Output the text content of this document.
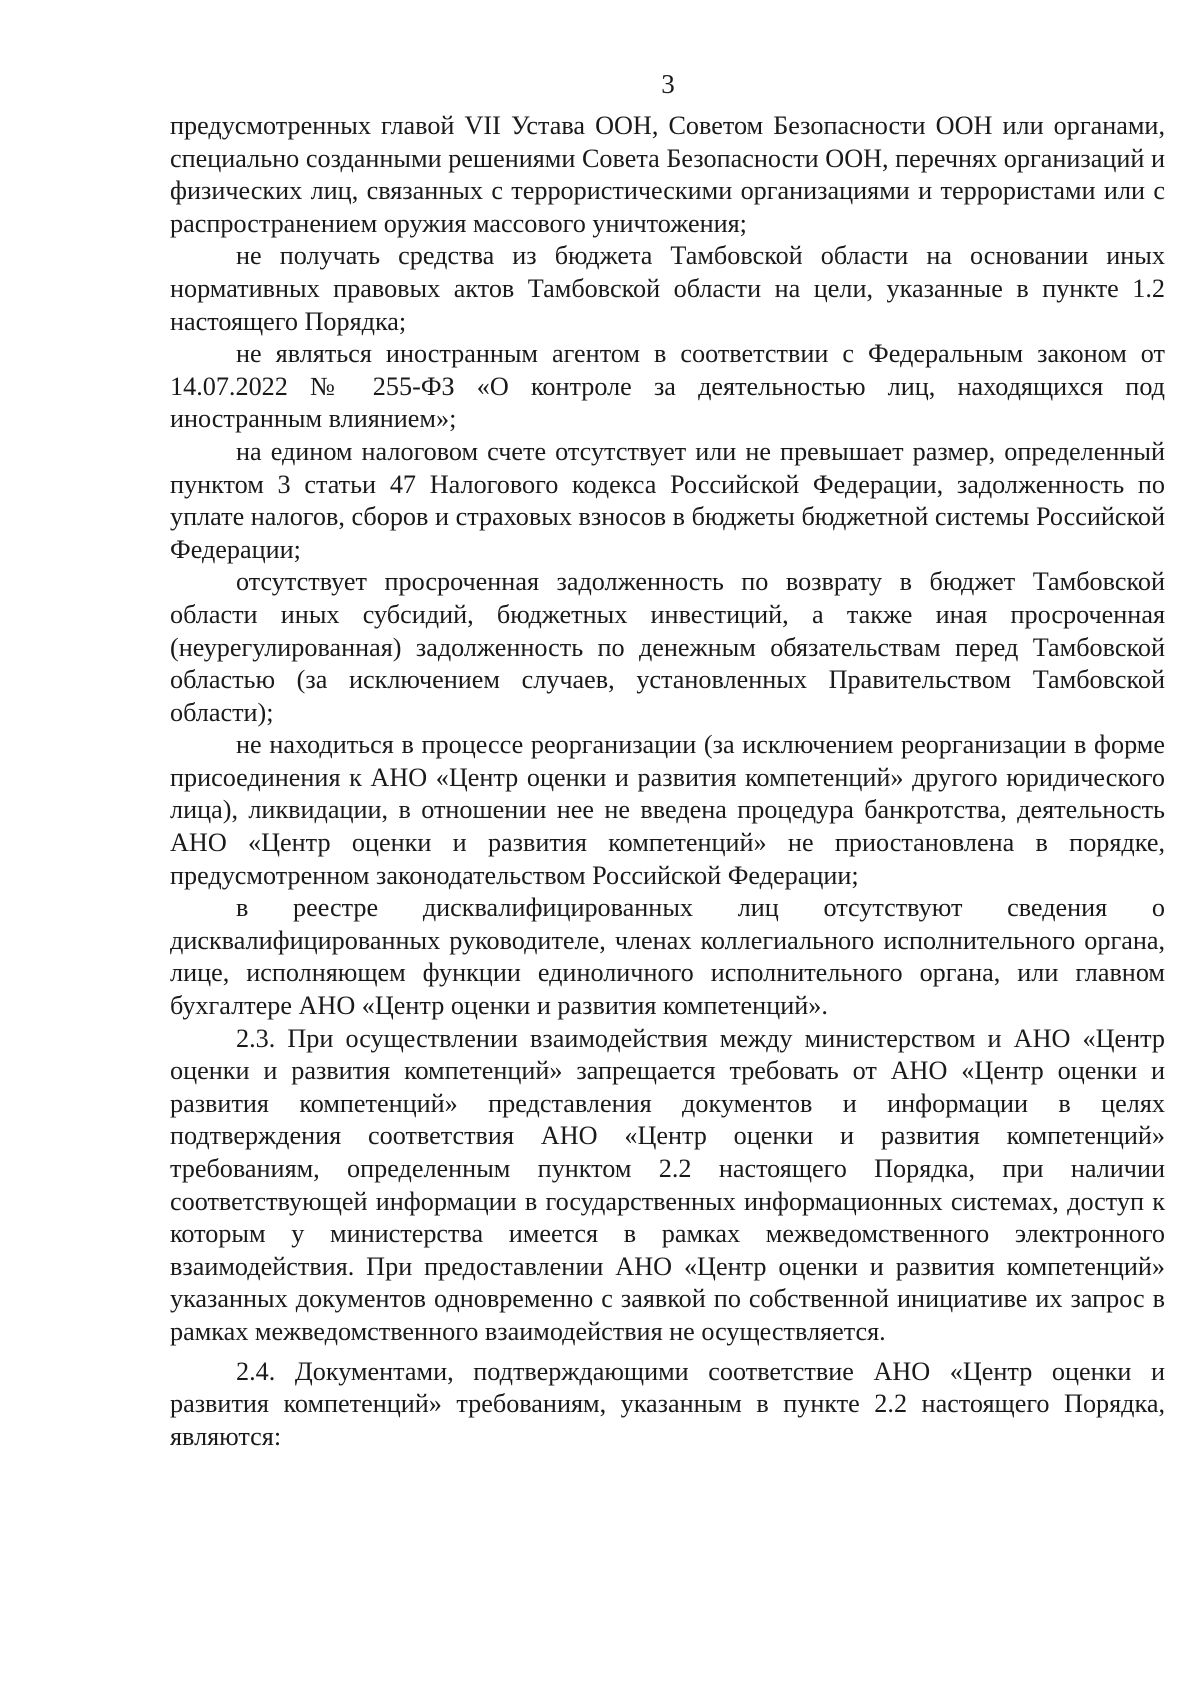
3

предусмотренных главой VII Устава ООН, Советом Безопасности ООН или органами, специально созданными решениями Совета Безопасности ООН, перечнях организаций и физических лиц, связанных с террористическими организациями и террористами или с распространением оружия массового уничтожения;

не получать средства из бюджета Тамбовской области на основании иных нормативных правовых актов Тамбовской области на цели, указанные в пункте 1.2 настоящего Порядка;

не являться иностранным агентом в соответствии с Федеральным законом от 14.07.2022 № 255-ФЗ «О контроле за деятельностью лиц, находящихся под иностранным влиянием»;

на едином налоговом счете отсутствует или не превышает размер, определенный пунктом 3 статьи 47 Налогового кодекса Российской Федерации, задолженность по уплате налогов, сборов и страховых взносов в бюджеты бюджетной системы Российской Федерации;

отсутствует просроченная задолженность по возврату в бюджет Тамбовской области иных субсидий, бюджетных инвестиций, а также иная просроченная (неурегулированная) задолженность по денежным обязательствам перед Тамбовской областью (за исключением случаев, установленных Правительством Тамбовской области);

не находиться в процессе реорганизации (за исключением реорганизации в форме присоединения к АНО «Центр оценки и развития компетенций» другого юридического лица), ликвидации, в отношении нее не введена процедура банкротства, деятельность АНО «Центр оценки и развития компетенций» не приостановлена в порядке, предусмотренном законодательством Российской Федерации;

в реестре дисквалифицированных лиц отсутствуют сведения о дисквалифицированных руководителе, членах коллегиального исполнительного органа, лице, исполняющем функции единоличного исполнительного органа, или главном бухгалтере АНО «Центр оценки и развития компетенций».

2.3. При осуществлении взаимодействия между министерством и АНО «Центр оценки и развития компетенций» запрещается требовать от АНО «Центр оценки и развития компетенций» представления документов и информации в целях подтверждения соответствия АНО «Центр оценки и развития компетенций» требованиям, определенным пунктом 2.2 настоящего Порядка, при наличии соответствующей информации в государственных информационных системах, доступ к которым у министерства имеется в рамках межведомственного электронного взаимодействия. При предоставлении АНО «Центр оценки и развития компетенций» указанных документов одновременно с заявкой по собственной инициативе их запрос в рамках межведомственного взаимодействия не осуществляется.

2.4. Документами, подтверждающими соответствие АНО «Центр оценки и развития компетенций» требованиям, указанным в пункте 2.2 настоящего Порядка, являются:
